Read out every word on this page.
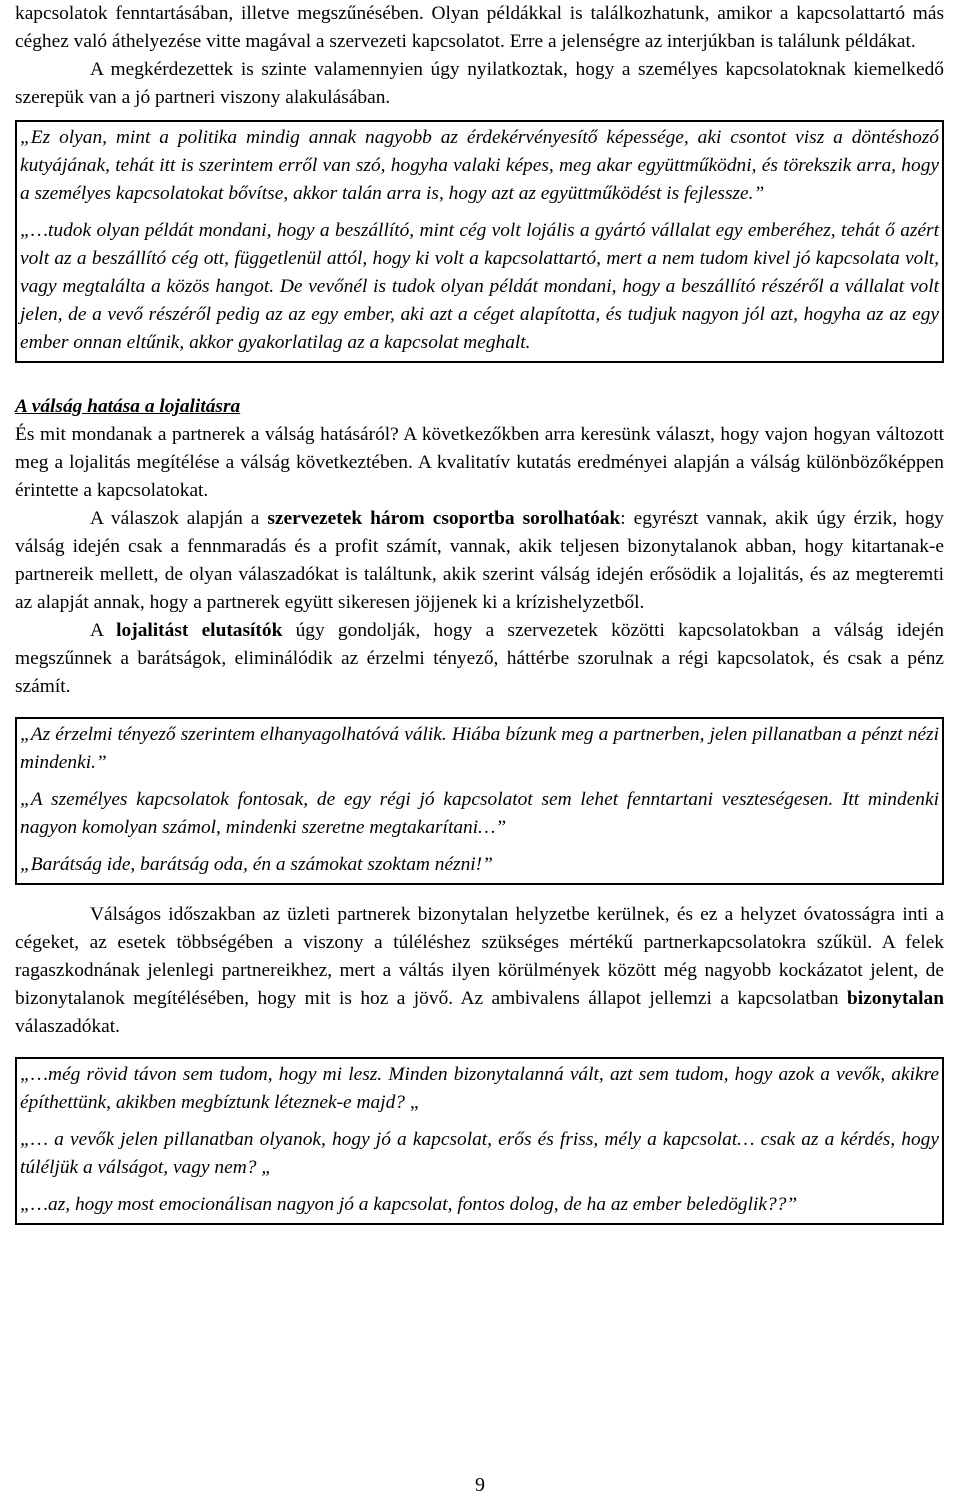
kapcsolatok fenntartásában, illetve megszűnésében. Olyan példákkal is találkozhatunk, amikor a kapcsolattartó más céghez való áthelyezése vitte magával a szervezeti kapcsolatot. Erre a jelenségre az interjúkban is találunk példákat.

A megkérdezettek is szinte valamennyien úgy nyilatkoztak, hogy a személyes kapcsolatoknak kiemelkedő szerepük van a jó partneri viszony alakulásában.

„Ez olyan, mint a politika mindig annak nagyobb az érdekérvényesítő képessége, aki csontot visz a döntéshozó kutyájának, tehát itt is szerintem erről van szó, hogyha valaki képes, meg akar együttműködni, és törekszik arra, hogy a személyes kapcsolatokat bővítse, akkor talán arra is, hogy azt az együttműködést is fejlessze.”

„…tudok olyan példát mondani, hogy a beszállító, mint cég volt lojális a gyártó vállalat egy emberéhez, tehát ő azért volt az a beszállító cég ott, függetlenül attól, hogy ki volt a kapcsolattartó, mert a nem tudom kivel jó kapcsolata volt, vagy megtalálta a közös hangot. De vevőnél is tudok olyan példát mondani, hogy a beszállító részéről a vállalat volt jelen, de a vevő részéről pedig az az egy ember, aki azt a céget alapította, és tudjuk nagyon jól azt, hogyha az az egy ember onnan eltűnik, akkor gyakorlatilag az a kapcsolat meghalt.

A válság hatása a lojalitásra

És mit mondanak a partnerek a válság hatásáról? A következőkben arra keresünk választ, hogy vajon hogyan változott meg a lojalitás megítélése a válság következtében. A kvalitatív kutatás eredményei alapján a válság különbözőképpen érintette a kapcsolatokat.

A válaszok alapján a szervezetek három csoportba sorolhatóak: egyrészt vannak, akik úgy érzik, hogy válság idején csak a fennmaradás és a profit számít, vannak, akik teljesen bizonytalanok abban, hogy kitartanak-e partnereik mellett, de olyan válaszadókat is találtunk, akik szerint válság idején erősödik a lojalitás, és az megteremti az alapját annak, hogy a partnerek együtt sikeresen jöjjenek ki a krízishelyzetből.

A lojalitást elutasítók úgy gondolják, hogy a szervezetek közötti kapcsolatokban a válság idején megszűnnek a barátságok, eliminálódik az érzelmi tényező, háttérbe szorulnak a régi kapcsolatok, és csak a pénz számít.

„Az érzelmi tényező szerintem elhanyagolhatóvá válik. Hiába bízunk meg a partnerben, jelen pillanatban a pénzt nézi mindenki.”

„A személyes kapcsolatok fontosak, de egy régi jó kapcsolatot sem lehet fenntartani veszteségesen. Itt mindenki nagyon komolyan számol, mindenki szeretne megtakarítani…”

„Barátság ide, barátság oda, én a számokat szoktam nézni!”

Válságos időszakban az üzleti partnerek bizonytalan helyzetbe kerülnek, és ez a helyzet óvatosságra inti a cégeket, az esetek többségében a viszony a túléléshez szükséges mértékű partnerkapcsolatokra szűkül. A felek ragaszkodnának jelenlegi partnereikhez, mert a váltás ilyen körülmények között még nagyobb kockázatot jelent, de bizonytalanok megítélésében, hogy mit is hoz a jövő. Az ambivalens állapot jellemzi a kapcsolatban bizonytalan válaszadókat.

„…még rövid távon sem tudom, hogy mi lesz. Minden bizonytalanná vált, azt sem tudom, hogy azok a vevők, akikre építhettünk, akikben megbíztunk léteznek-e majd? „

„… a vevők jelen pillanatban olyanok, hogy jó a kapcsolat, erős és friss, mély a kapcsolat… csak az a kérdés, hogy túléljük a válságot, vagy nem? „

„…az, hogy most emocionálisan nagyon jó a kapcsolat, fontos dolog, de ha az ember beledöglik??”

9
